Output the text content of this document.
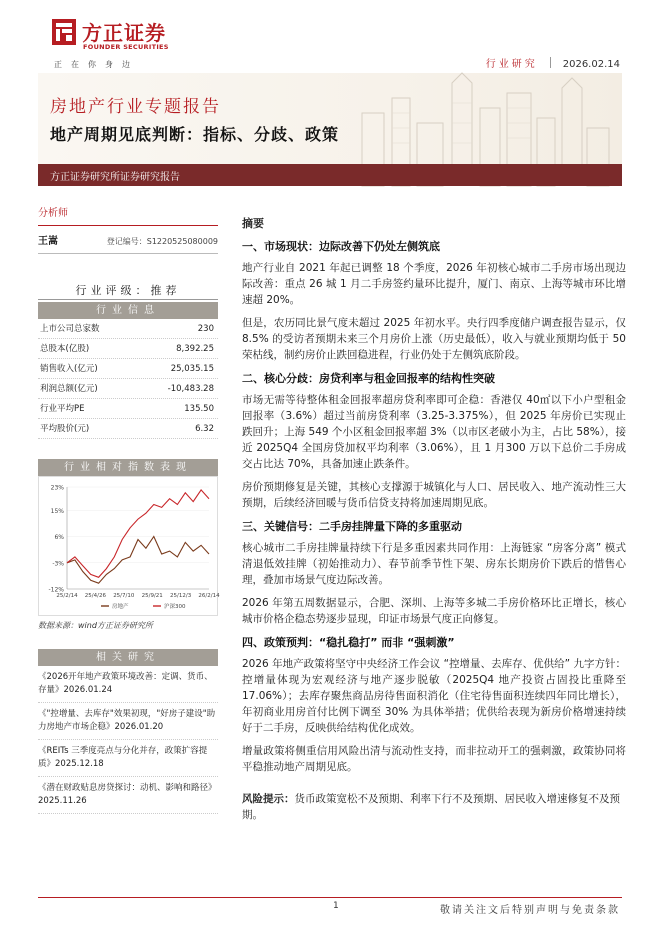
方正证券
FOUNDER SECURITIES
正在你身边	行业研究	2026.02.14
房地产行业专题报告
地产周期见底判断：指标、分歧、政策
方正证券研究所证券研究报告
分析师
王嵩	登记编号：S1220525080009
行业评级：推荐
行业信息
上市公司总家数	230
总股本(亿股)	8,392.25
销售收入(亿元)	25,035.15
利润总额(亿元)	-10,483.28
行业平均PE	135.50
平均股价(元)	6.32
行业相对指数表现
23%
15%
6%
-3%
-12%
25/2/14 25/4/26 25/7/10 25/9/21 25/12/3 26/2/14
房地产	沪深300
数据来源：wind方正证券研究所
相关研究
《2026开年地产政策环境改善：定调、货币、存量》2026.01.24
《"控增量、去库存"效果初现，"好房子建设"助力房地产市场企稳》2026.01.20
《REITs 三季度亮点与分化并存，政策扩容提质》2025.12.18
《潜在财政贴息房贷探讨：动机、影响和路径》2025.11.26
摘要
一、市场现状：边际改善下仍处左侧筑底
地产行业自 2021 年起已调整 18 个季度，2026 年初核心城市二手房市场出现边际改善：重点 26 城 1 月二手房签约量环比提升，厦门、南京、上海等城市环比增速超 20%。
但是，农历同比景气度未超过 2025 年初水平。央行四季度储户调查报告显示，仅 8.5% 的受访者预期未来三个月房价上涨（历史最低），收入与就业预期均低于 50 荣枯线，制约房价止跌回稳进程，行业仍处于左侧筑底阶段。
二、核心分歧：房贷利率与租金回报率的结构性突破
市场无需等待整体租金回报率超房贷利率即可企稳：香港仅 40㎡以下小户型租金回报率（3.6%）超过当前房贷利率（3.25-3.375%），但 2025 年房价已实现止跌回升；上海 549 个小区租金回报率超 3%（以市区老破小为主，占比 58%），接近 2025Q4 全国房贷加权平均利率（3.06%），且 1 月300 万以下总价二手房成交占比达 70%，具备加速止跌条件。
房价预期修复是关键，其核心支撑源于城镇化与人口、居民收入、地产流动性三大预期，后续经济回暖与货币信贷支持将加速周期见底。
三、关键信号：二手房挂牌量下降的多重驱动
核心城市二手房挂牌量持续下行是多重因素共同作用：上海链家 “房客分离” 模式清退低效挂牌（初始推动力）、春节前季节性下架、房东长期房价下跌后的惜售心理，叠加市场景气度边际改善。
2026 年第五周数据显示，合肥、深圳、上海等多城二手房价格环比正增长，核心城市价格企稳态势逐步显现，印证市场景气度正向修复。
四、政策预判：“稳扎稳打” 而非 “强刺激”
2026 年地产政策将坚守中央经济工作会议 “控增量、去库存、优供给” 九字方针：控增量体现为宏观经济与地产逐步脱敏（2025Q4 地产投资占固投比重降至 17.06%）；去库存聚焦商品房待售面积消化（住宅待售面积连续四年同比增长），年初商业用房首付比例下调至 30% 为具体举措；优供给表现为新房价格增速持续好于二手房，反映供给结构优化成效。
增量政策将侧重信用风险出清与流动性支持，而非拉动开工的强刺激，政策协同将平稳推动地产周期见底。
风险提示：货币政策宽松不及预期、利率下行不及预期、居民收入增速修复不及预期。
1	敬请关注文后特别声明与免责条款
